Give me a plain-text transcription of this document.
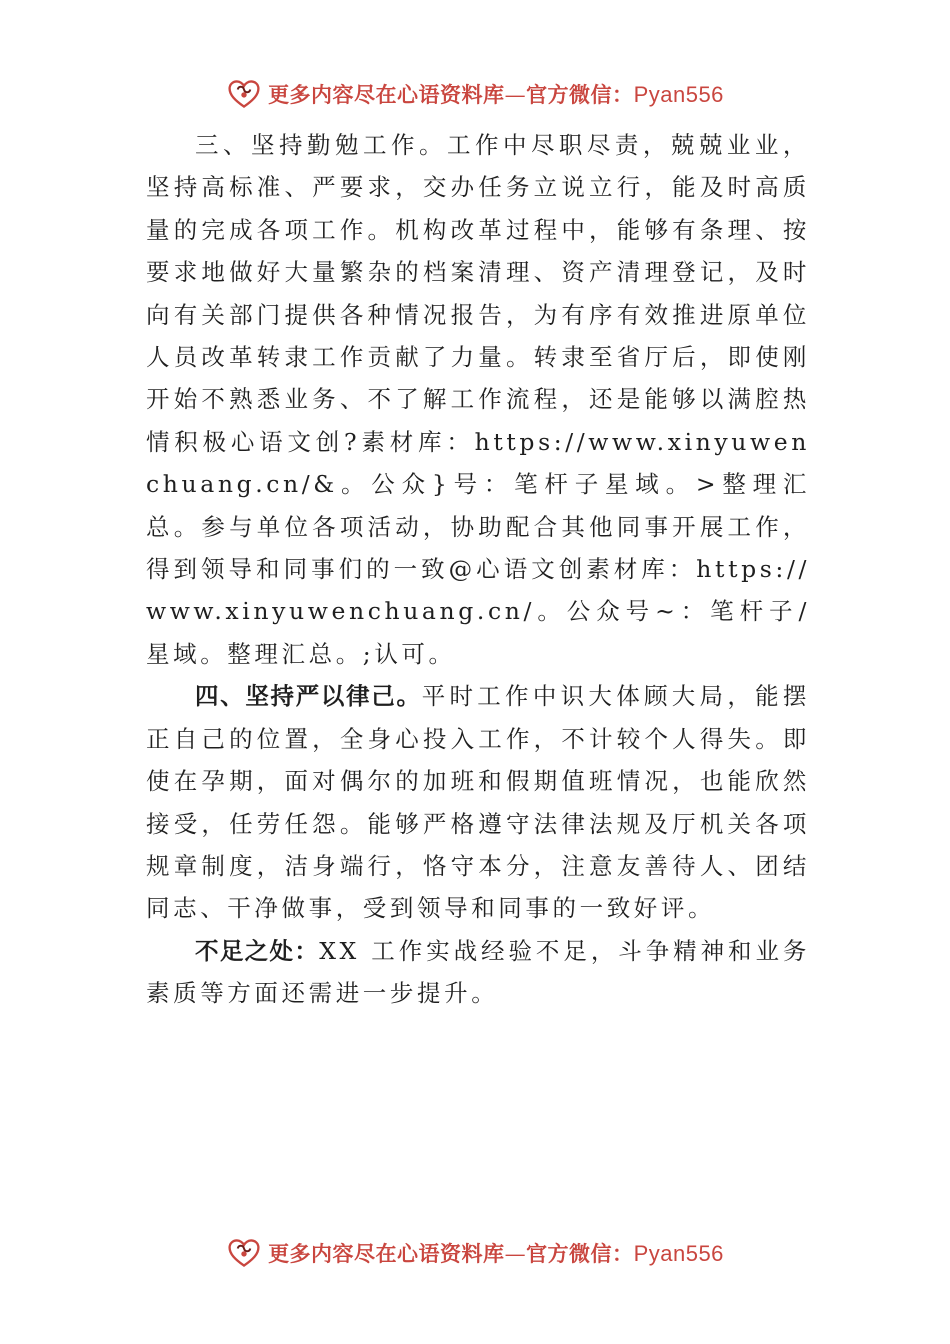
更多内容尽在心语资料库—官方微信：Pyan556

三、坚持勤勉工作。工作中尽职尽责，兢兢业业，坚持高标准、严要求，交办任务立说立行，能及时高质量的完成各项工作。机构改革过程中，能够有条理、按要求地做好大量繁杂的档案清理、资产清理登记，及时向有关部门提供各种情况报告，为有序有效推进原单位人员改革转隶工作贡献了力量。转隶至省厅后，即使刚开始不熟悉业务、不了解工作流程，还是能够以满腔热情积极心语文创?素材库：https://www.xinyuwenchuang.cn/&。公众}号：笔杆子星域。>整理汇总。参与单位各项活动，协助配合其他同事开展工作，得到领导和同事们的一致@心语文创素材库：https://www.xinyuwenchuang.cn/。公众号~：笔杆子/星域。整理汇总。;认可。

四、坚持严以律己。平时工作中识大体顾大局，能摆正自己的位置，全身心投入工作，不计较个人得失。即使在孕期，面对偶尔的加班和假期值班情况，也能欣然接受，任劳任怨。能够严格遵守法律法规及厅机关各项规章制度，洁身端行，恪守本分，注意友善待人、团结同志、干净做事，受到领导和同事的一致好评。

不足之处：XX 工作实战经验不足，斗争精神和业务素质等方面还需进一步提升。

更多内容尽在心语资料库—官方微信：Pyan556
